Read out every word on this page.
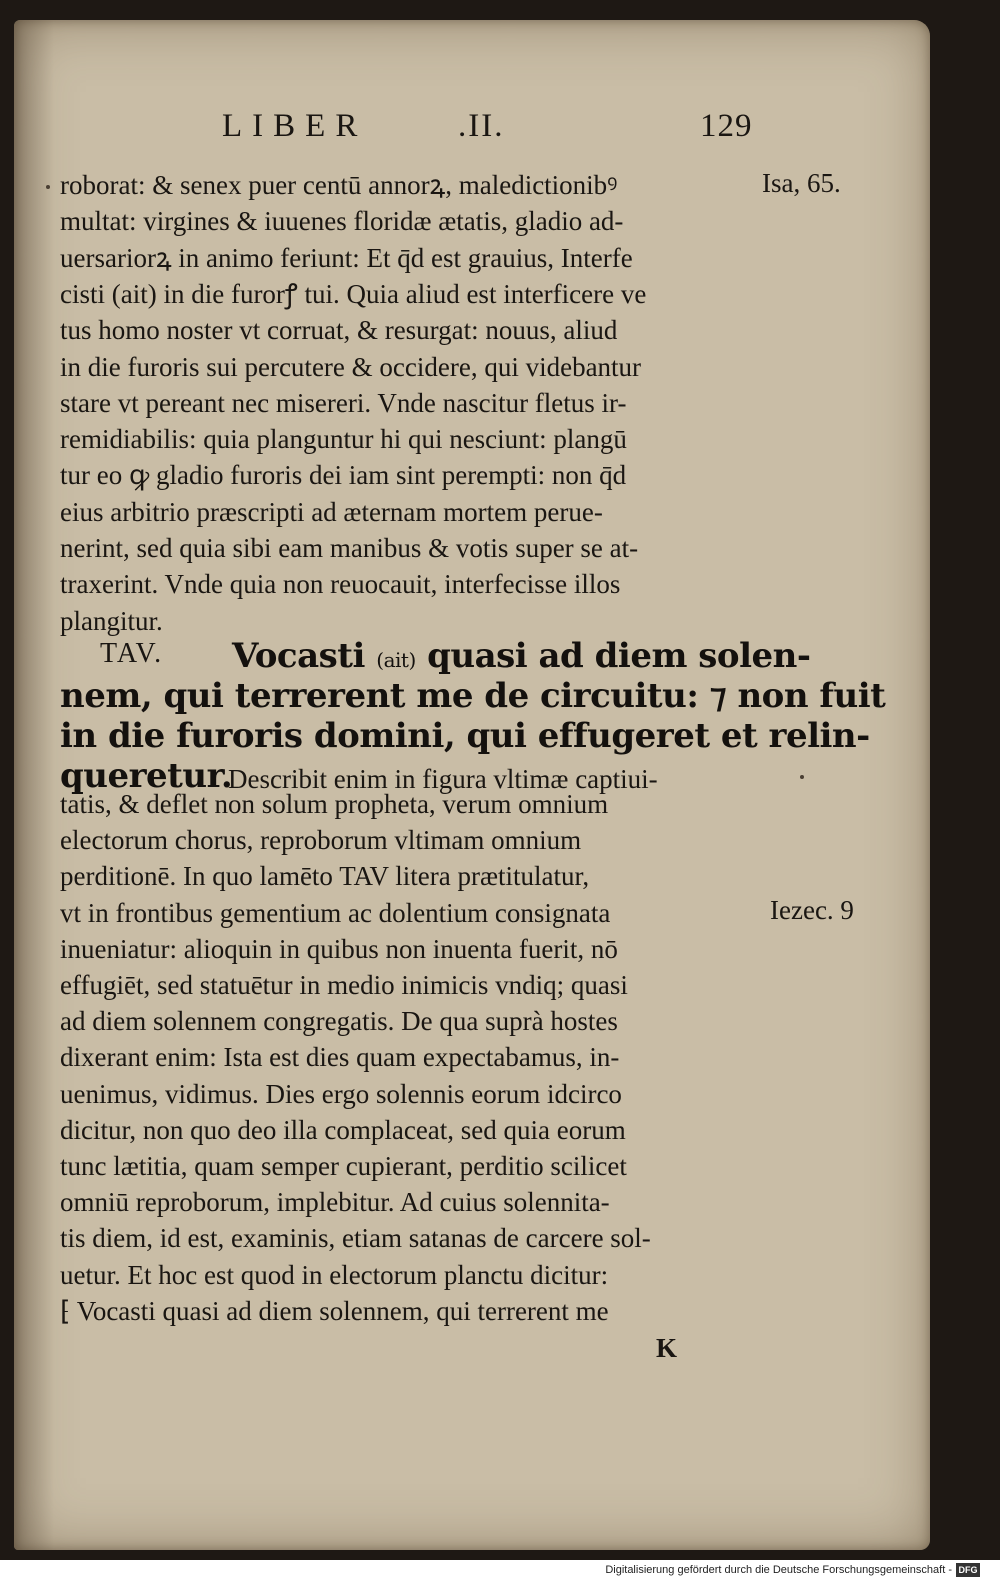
LIBER	.II.	129
roborat: & senex puer centū annorꝝ, maledictionibꝰ
multat: virgines & iuuenes floridæ ætatis, gladio ad-
uersariorꝝ in animo feriunt: Et q̄d est grauius, Interfe
cisti (ait) in die furorꝭ tui. Quia aliud est interficere ve
tus homo noster vt corruat, & resurgat: nouus, aliud
in die furoris sui percutere & occidere, qui videbantur
stare vt pereant nec misereri. Vnde nascitur fletus ir-
remidiabilis: quia planguntur hi qui nesciunt: plangū
tur eo ꝙ gladio furoris dei iam sint perempti: non q̄d
eius arbitrio præscripti ad æternam mortem perue-
nerint, sed quia sibi eam manibus & votis super se at-
traxerint. Vnde quia non reuocauit, interfecisse illos
plangitur.
TAV.	Vocasti (ait) quasi ad diem solen-
nem, qui terrerent me de circuitu: ⁊ non fuit
in die furoris domini, qui effugeret et relin-
queretur.
Describit enim in figura vltimæ captiui-
tatis, & deflet non solum propheta, verum omnium
electorum chorus, reproborum vltimam omnium
perditionē. In quo lamēto TAV litera prætitulatur,
vt in frontibus gementium ac dolentium consignata
inueniatur: alioquin in quibus non inuenta fuerit, nō
effugiēt, sed statuētur in medio inimicis vndiq; quasi
ad diem solennem congregatis. De qua suprà hostes
dixerant enim: Ista est dies quam expectabamus, in-
uenimus, vidimus. Dies ergo solennis eorum idcirco
dicitur, non quo deo illa complaceat, sed quia eorum
tunc lætitia, quam semper cupierant, perditio scilicet
omniū reproborum, implebitur. Ad cuius solennita-
tis diem, id est, examinis, etiam satanas de carcere sol-
uetur. Et hoc est quod in electorum planctu dicitur:
⁅ Vocasti quasi ad diem solennem, qui terrerent me
K
Isa, 65.
Iezec. 9
Digitalisierung gefördert durch die Deutsche Forschungsgemeinschaft - DFG
